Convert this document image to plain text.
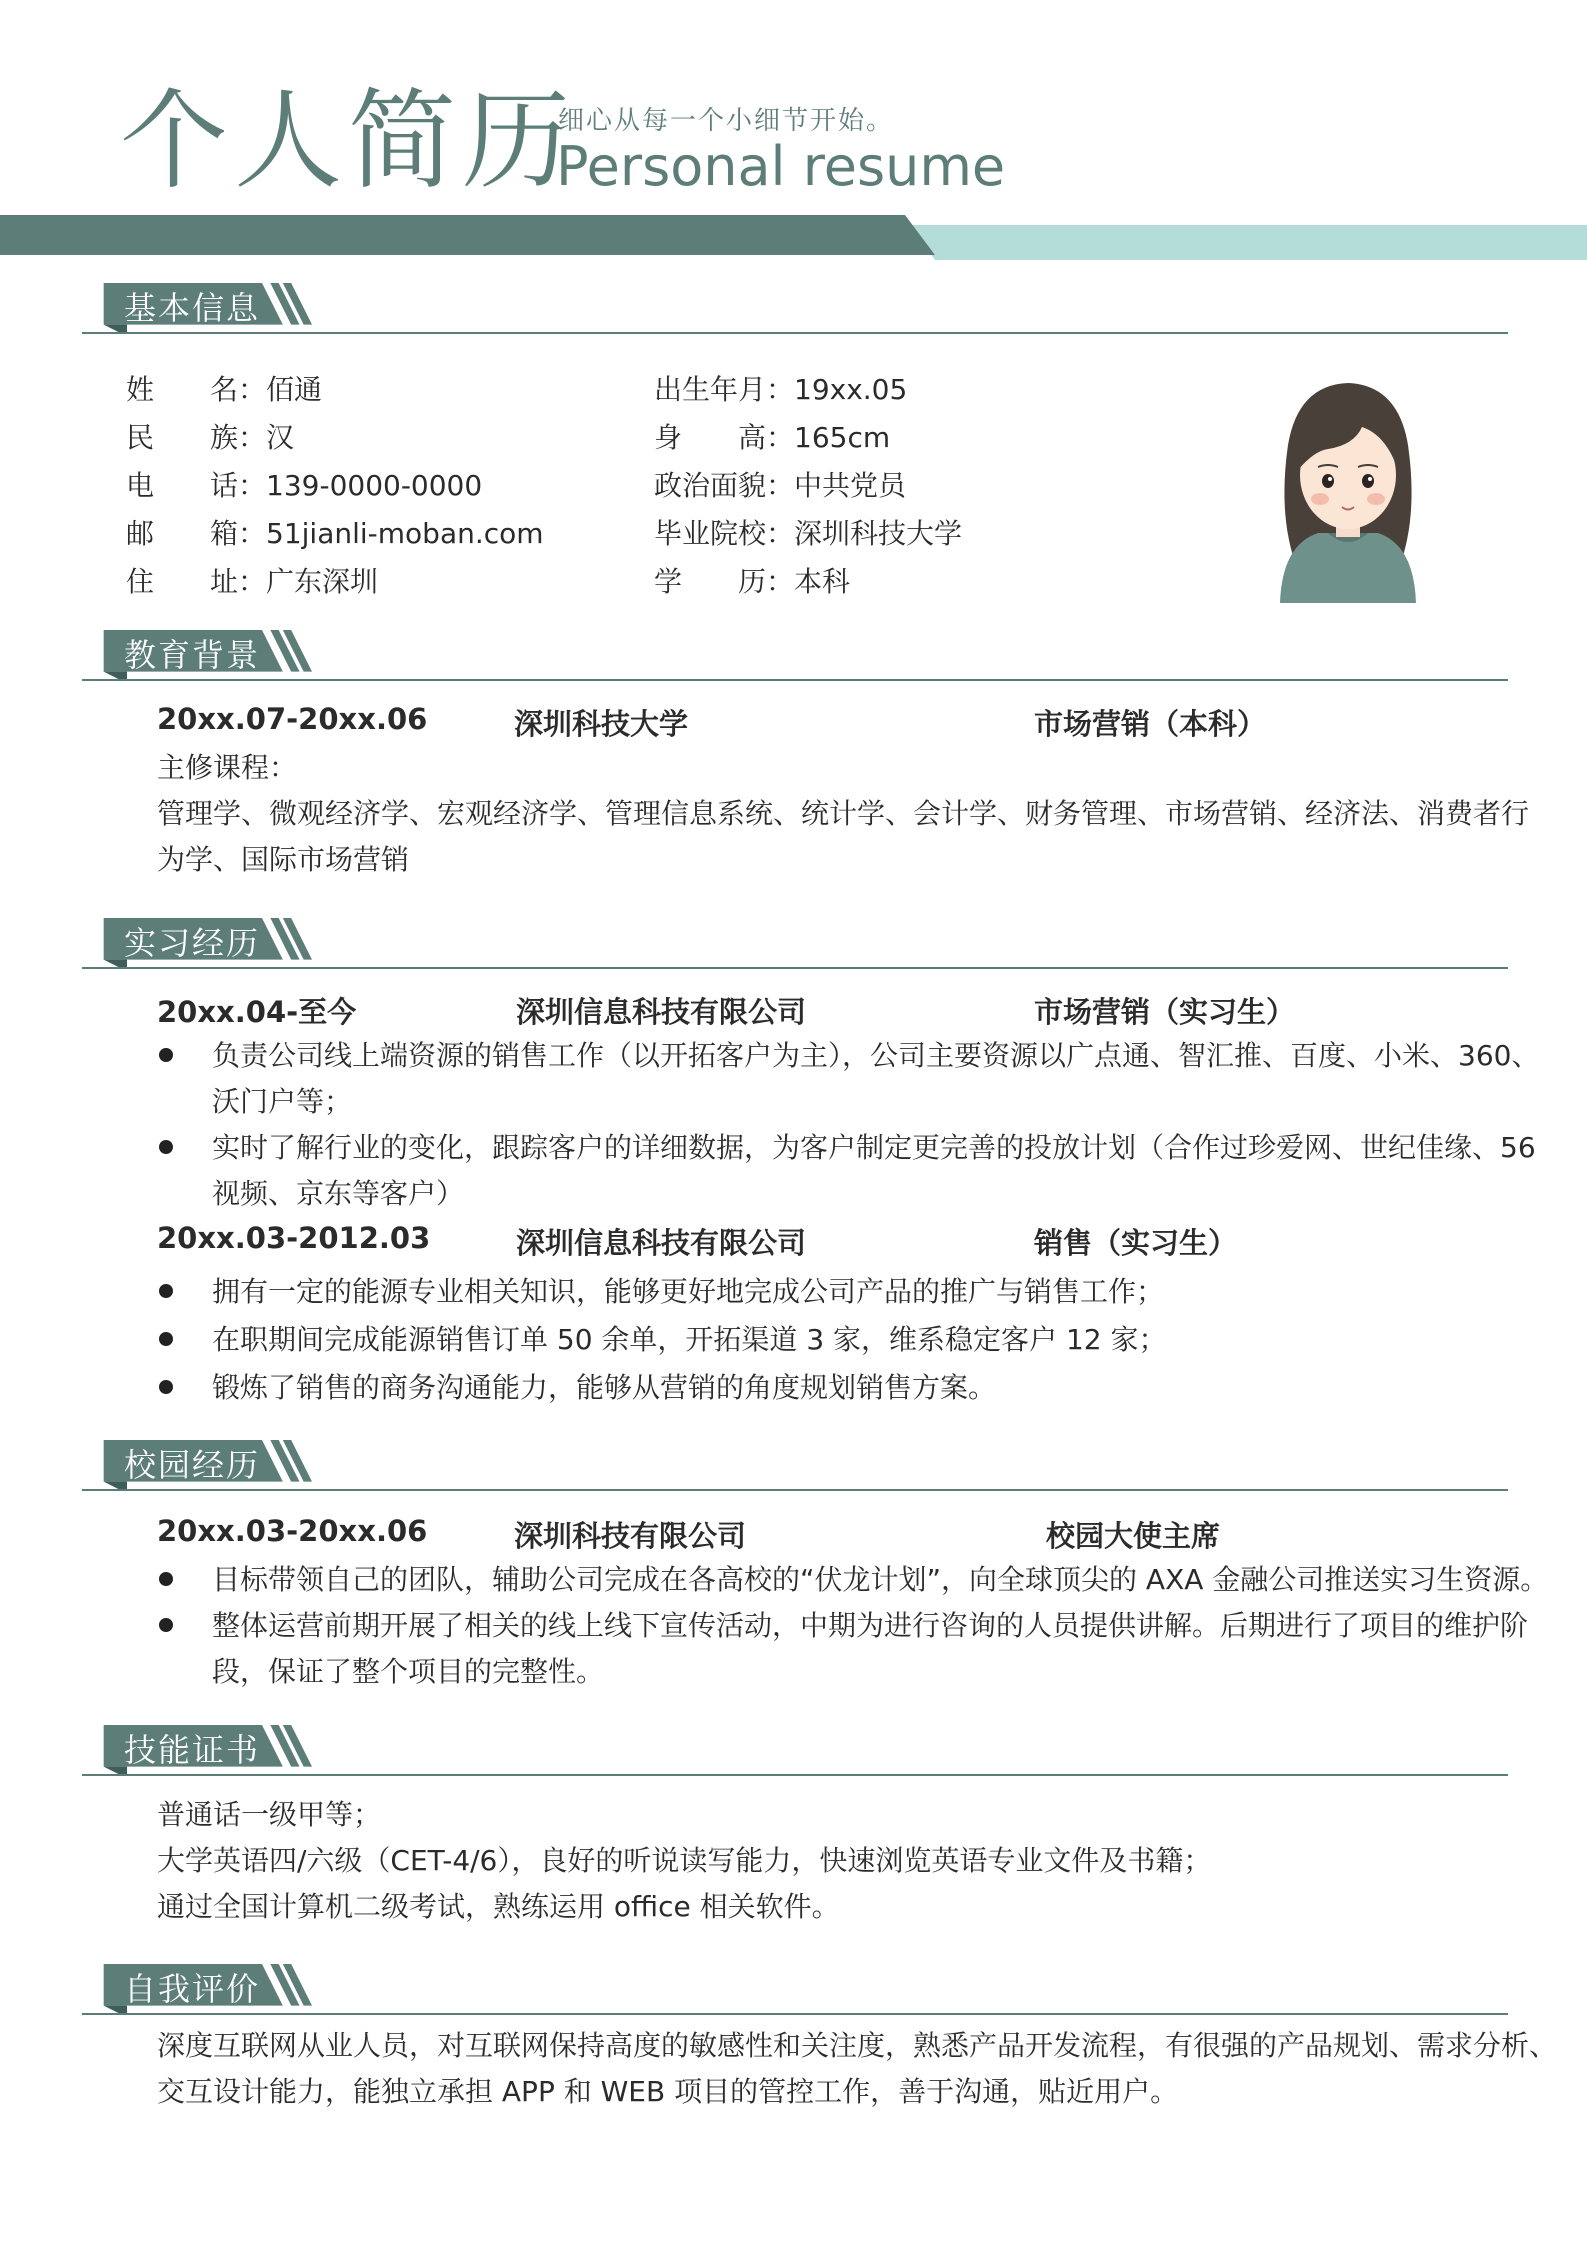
个人简历
细心从每一个小细节开始。
Personal resume
基本信息
姓　　名：佰通
民　　族：汉
电　　话：139-0000-0000
邮　　箱：51jianli-moban.com
住　　址：广东深圳
出生年月：19xx.05
身　　高：165cm
政治面貌：中共党员
毕业院校：深圳科技大学
学　　历：本科
教育背景
20xx.07-20xx.06	深圳科技大学	市场营销（本科）
主修课程：
管理学、微观经济学、宏观经济学、管理信息系统、统计学、会计学、财务管理、市场营销、经济法、消费者行
为学、国际市场营销
实习经历
20xx.04-至今	深圳信息科技有限公司	市场营销（实习生）
负责公司线上端资源的销售工作（以开拓客户为主），公司主要资源以广点通、智汇推、百度、小米、360、
沃门户等；
实时了解行业的变化，跟踪客户的详细数据，为客户制定更完善的投放计划（合作过珍爱网、世纪佳缘、56
视频、京东等客户）
20xx.03-2012.03	深圳信息科技有限公司	销售（实习生）
拥有一定的能源专业相关知识，能够更好地完成公司产品的推广与销售工作；
在职期间完成能源销售订单 50 余单，开拓渠道 3 家，维系稳定客户 12 家；
锻炼了销售的商务沟通能力，能够从营销的角度规划销售方案。
校园经历
20xx.03-20xx.06	深圳科技有限公司	校园大使主席
目标带领自己的团队，辅助公司完成在各高校的“伏龙计划”，向全球顶尖的 AXA 金融公司推送实习生资源。
整体运营前期开展了相关的线上线下宣传活动，中期为进行咨询的人员提供讲解。后期进行了项目的维护阶
段，保证了整个项目的完整性。
技能证书
普通话一级甲等；
大学英语四/六级（CET-4/6），良好的听说读写能力，快速浏览英语专业文件及书籍；
通过全国计算机二级考试，熟练运用 office 相关软件。
自我评价
深度互联网从业人员，对互联网保持高度的敏感性和关注度，熟悉产品开发流程，有很强的产品规划、需求分析、
交互设计能力，能独立承担 APP 和 WEB 项目的管控工作，善于沟通，贴近用户。
